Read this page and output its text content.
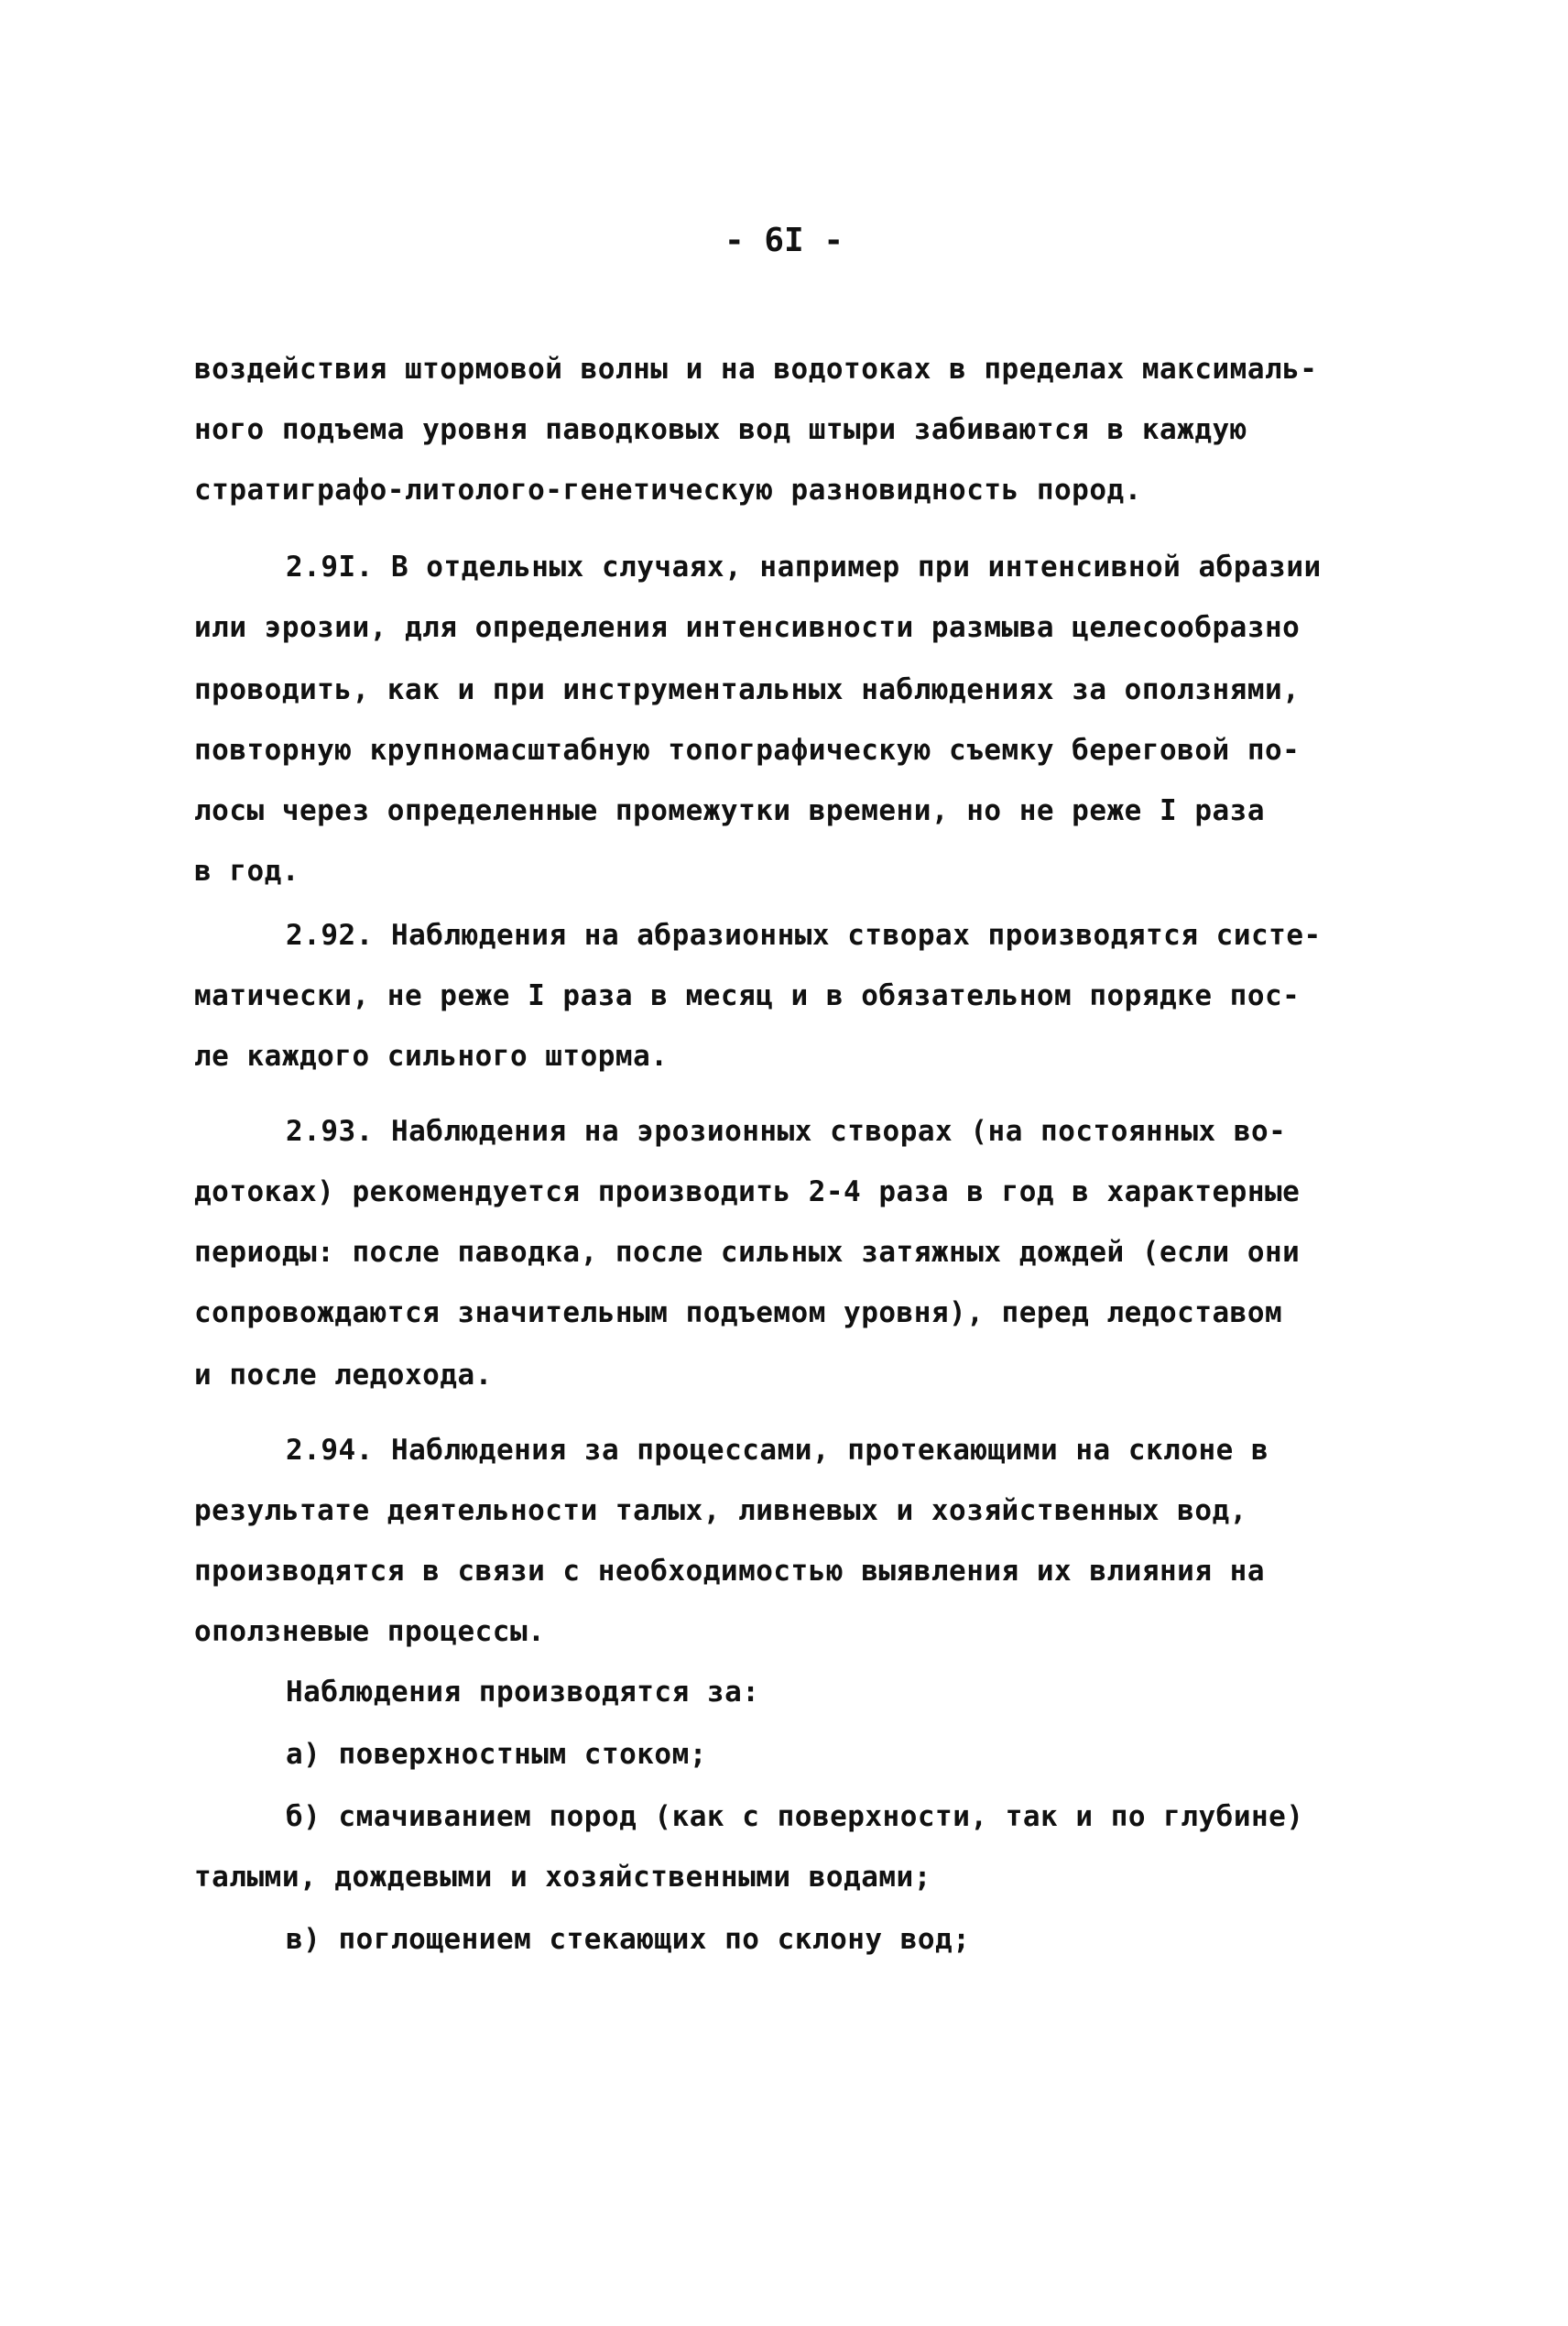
- 6I -
воздействия штормовой волны и на водотоках в пределах максималь-
ного подъема уровня паводковых вод штыри забиваются в каждую
стратиграфо-литолого-генетическую разновидность пород.
2.9I. В отдельных случаях, например при интенсивной абразии
или эрозии, для определения интенсивности размыва целесообразно
проводить, как и при инструментальных наблюдениях за оползнями,
повторную крупномасштабную топографическую съемку береговой по-
лосы через определенные промежутки времени, но не реже I раза
в год.
2.92. Наблюдения на абразионных створах производятся систе-
матически, не реже I раза в месяц и в обязательном порядке пос-
ле каждого сильного шторма.
2.93. Наблюдения на эрозионных створах (на постоянных во-
дотоках) рекомендуется производить 2-4 раза в год в характерные
периоды: после паводка, после сильных затяжных дождей (если они
сопровождаются значительным подъемом уровня), перед ледоставом
и после ледохода.
2.94. Наблюдения за процессами, протекающими на склоне в
результате деятельности талых, ливневых и хозяйственных вод,
производятся в связи с необходимостью выявления их влияния на
оползневые процессы.
Наблюдения производятся за:
а) поверхностным стоком;
б) смачиванием пород (как с поверхности, так и по глубине)
талыми, дождевыми и хозяйственными водами;
в) поглощением стекающих по склону вод;
